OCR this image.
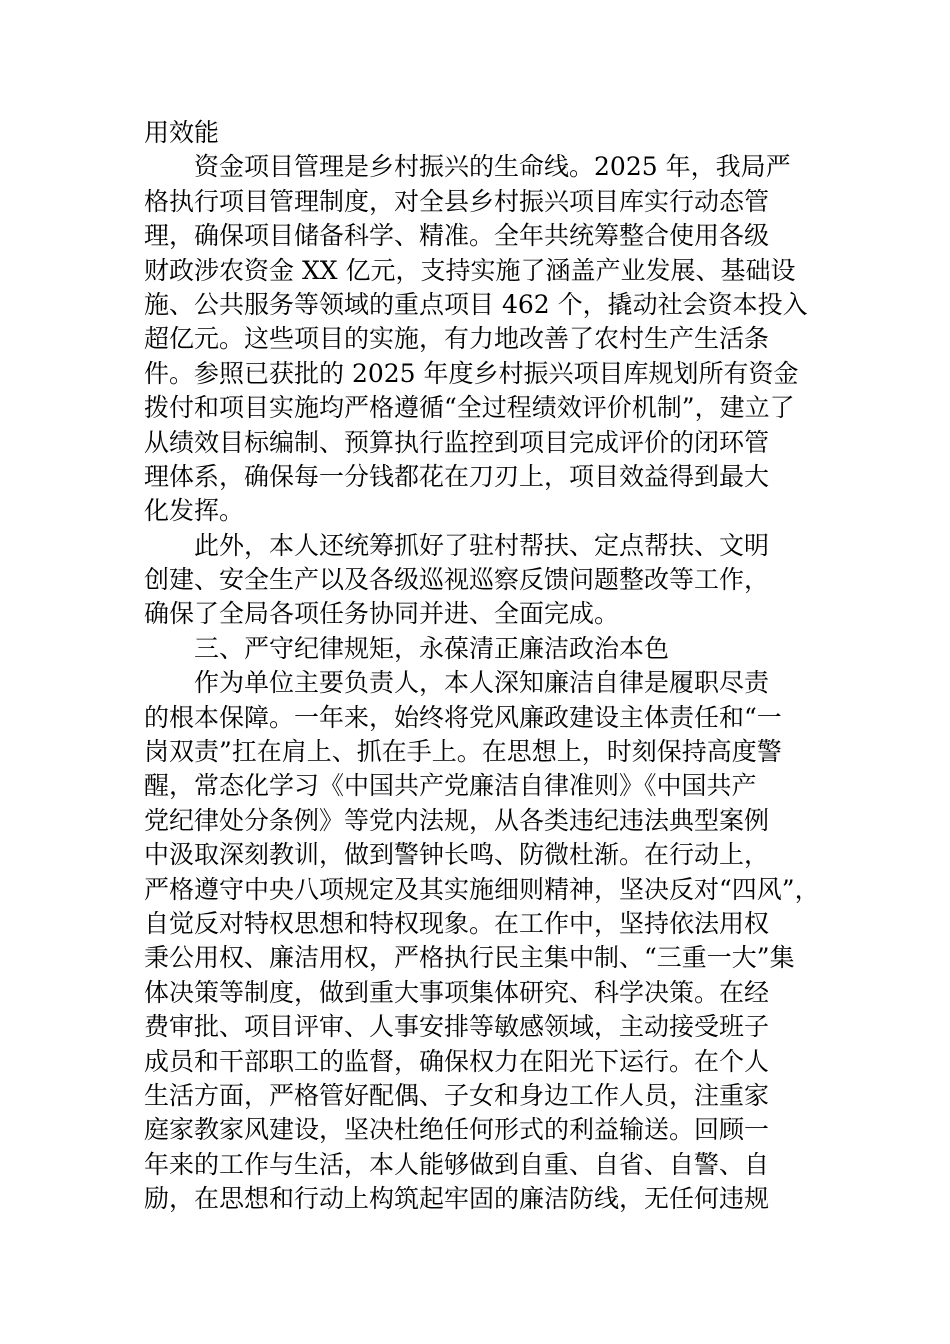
用效能
资金项目管理是乡村振兴的生命线。2025 年，我局严
格执行项目管理制度，对全县乡村振兴项目库实行动态管
理，确保项目储备科学、精准。全年共统筹整合使用各级
财政涉农资金 XX 亿元，支持实施了涵盖产业发展、基础设
施、公共服务等领域的重点项目 462 个，撬动社会资本投入
超亿元。这些项目的实施，有力地改善了农村生产生活条
件。参照已获批的 2025 年度乡村振兴项目库规划所有资金
拨付和项目实施均严格遵循“全过程绩效评价机制”，建立了
从绩效目标编制、预算执行监控到项目完成评价的闭环管
理体系，确保每一分钱都花在刀刃上，项目效益得到最大
化发挥。
此外，本人还统筹抓好了驻村帮扶、定点帮扶、文明
创建、安全生产以及各级巡视巡察反馈问题整改等工作，
确保了全局各项任务协同并进、全面完成。
三、严守纪律规矩，永葆清正廉洁政治本色
作为单位主要负责人，本人深知廉洁自律是履职尽责
的根本保障。一年来，始终将党风廉政建设主体责任和“一
岗双责”扛在肩上、抓在手上。在思想上，时刻保持高度警
醒，常态化学习《中国共产党廉洁自律准则》《中国共产
党纪律处分条例》等党内法规，从各类违纪违法典型案例
中汲取深刻教训，做到警钟长鸣、防微杜渐。在行动上，
严格遵守中央八项规定及其实施细则精神，坚决反对“四风”，
自觉反对特权思想和特权现象。在工作中，坚持依法用权
秉公用权、廉洁用权，严格执行民主集中制、“三重一大”集
体决策等制度，做到重大事项集体研究、科学决策。在经
费审批、项目评审、人事安排等敏感领域，主动接受班子
成员和干部职工的监督，确保权力在阳光下运行。在个人
生活方面，严格管好配偶、子女和身边工作人员，注重家
庭家教家风建设，坚决杜绝任何形式的利益输送。回顾一
年来的工作与生活，本人能够做到自重、自省、自警、自
励，在思想和行动上构筑起牢固的廉洁防线，无任何违规
